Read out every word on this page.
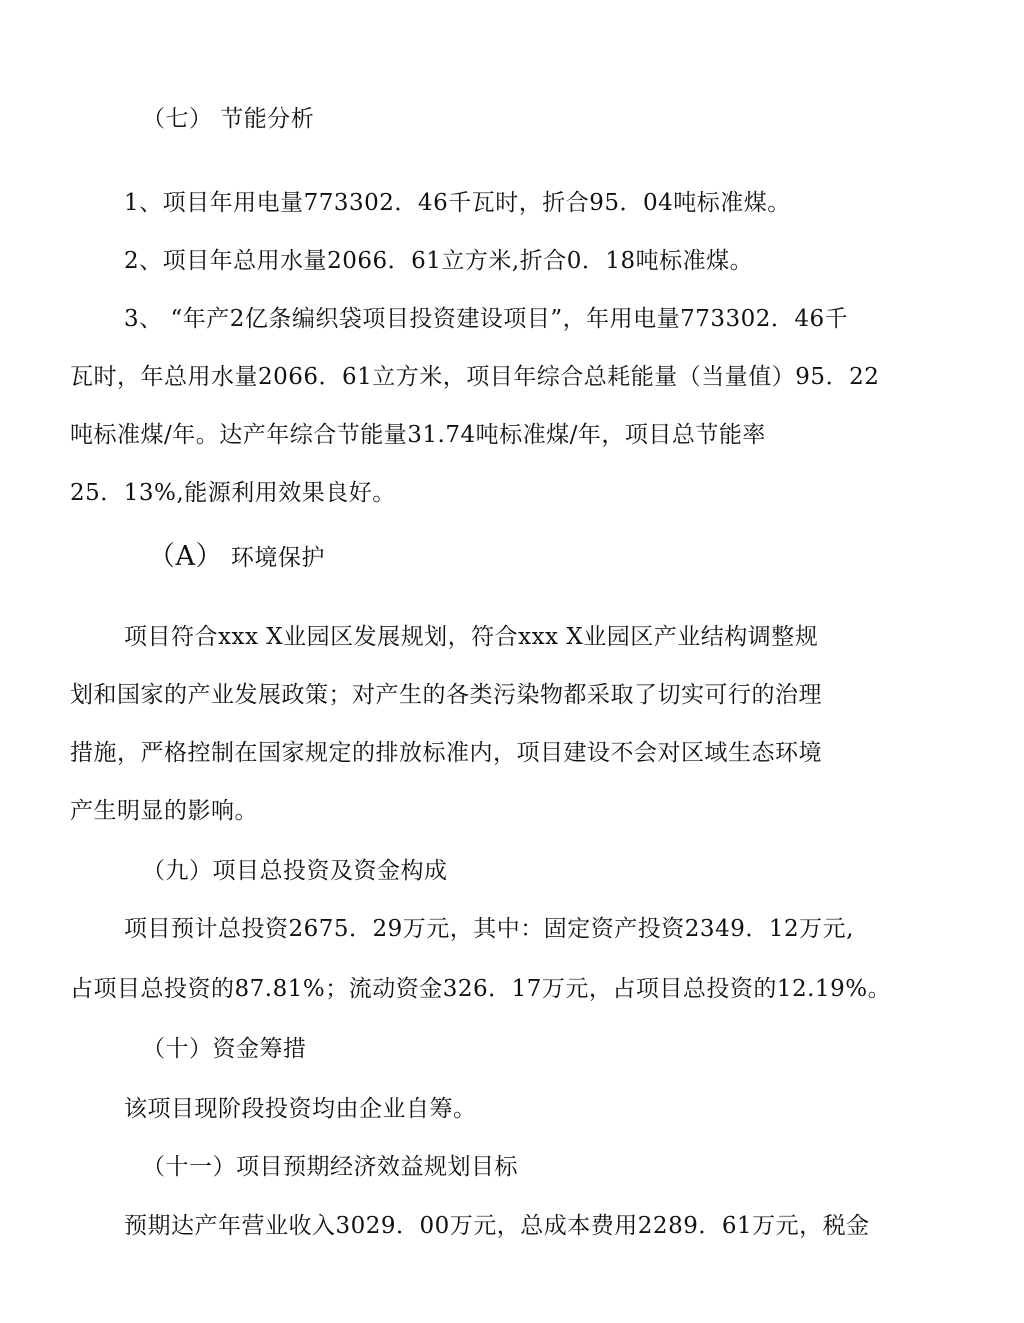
（七） 节能分析
1、项目年用电量773302．46千瓦时，折合95．04吨标准煤。
2、项目年总用水量2066．61立方米,折合0．18吨标准煤。
3、 “年产2亿条编织袋项目投资建设项目”，年用电量773302．46千
瓦时，年总用水量2066．61立方米，项目年综合总耗能量（当量值）95．22
吨标准煤/年。达产年综合节能量31.74吨标准煤/年，项目总节能率
25．13%,能源利用效果良好。
（A） 环境保护
项目符合xxx X业园区发展规划，符合xxx X业园区产业结构调整规
划和国家的产业发展政策；对产生的各类污染物都采取了切实可行的治理
措施，严格控制在国家规定的排放标准内，项目建设不会对区域生态环境
产生明显的影响。
（九）项目总投资及资金构成
项目预计总投资2675．29万元，其中：固定资产投资2349．12万元,
占项目总投资的87.81%；流动资金326．17万元，占项目总投资的12.19%。
（十）资金筹措
该项目现阶段投资均由企业自筹。
（十一）项目预期经济效益规划目标
预期达产年营业收入3029．00万元，总成本费用2289．61万元，税金
